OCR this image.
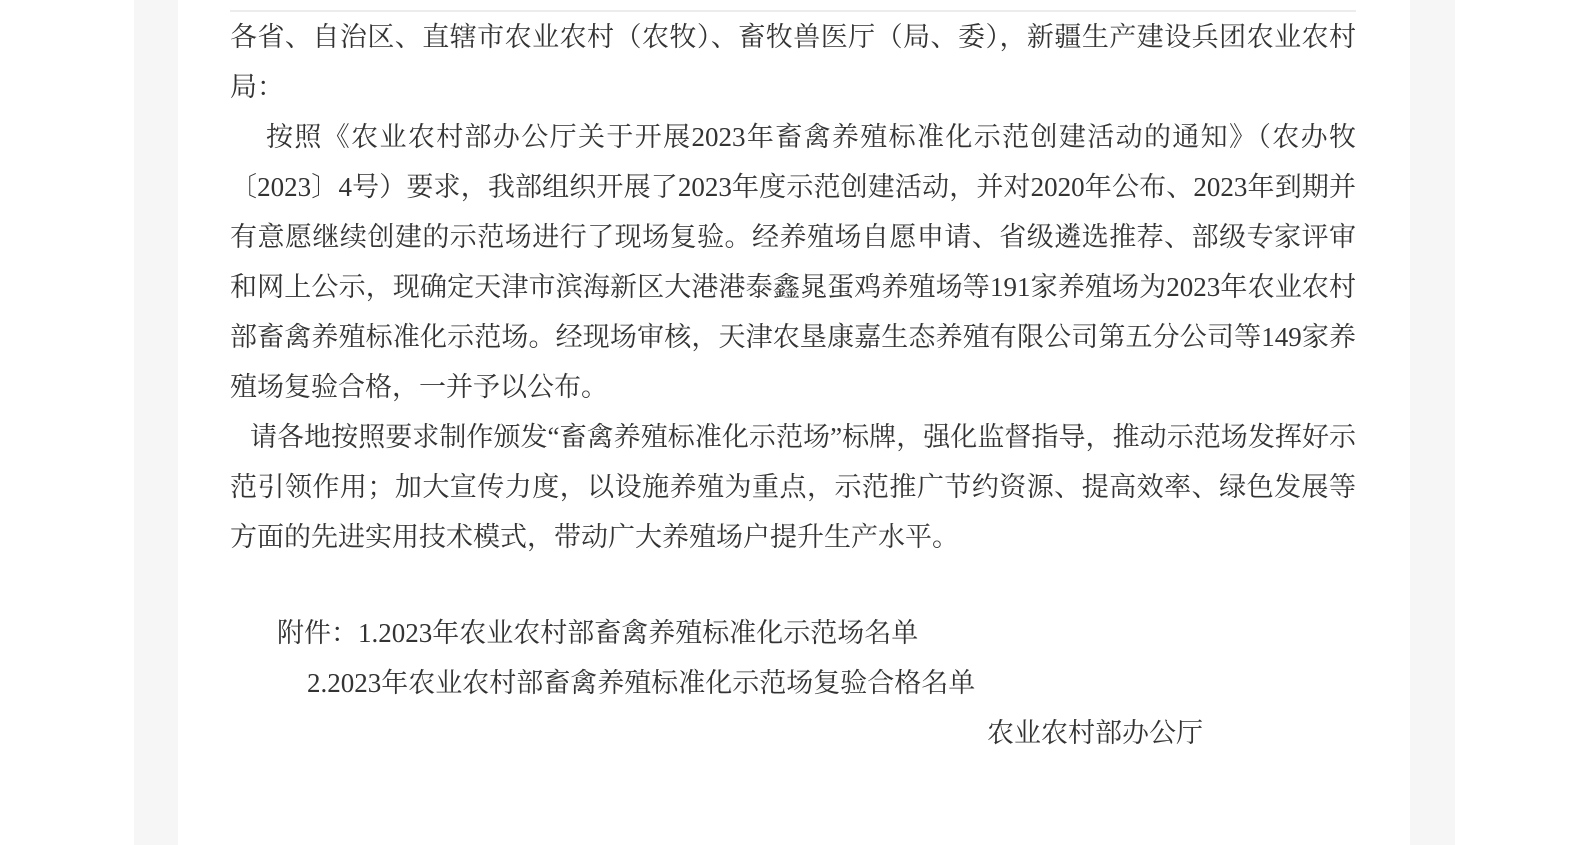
各省、自治区、直辖市农业农村（农牧）、畜牧兽医厅（局、委），新疆生产建设兵团农业农村局：

按照《农业农村部办公厅关于开展2023年畜禽养殖标准化示范创建活动的通知》（农办牧〔2023〕4号）要求，我部组织开展了2023年度示范创建活动，并对2020年公布、2023年到期并有意愿继续创建的示范场进行了现场复验。经养殖场自愿申请、省级遴选推荐、部级专家评审和网上公示，现确定天津市滨海新区大港港泰鑫晁蛋鸡养殖场等191家养殖场为2023年农业农村部畜禽养殖标准化示范场。经现场审核，天津农垦康嘉生态养殖有限公司第五分公司等149家养殖场复验合格，一并予以公布。

请各地按照要求制作颁发“畜禽养殖标准化示范场”标牌，强化监督指导，推动示范场发挥好示范引领作用；加大宣传力度，以设施养殖为重点，示范推广节约资源、提高效率、绿色发展等方面的先进实用技术模式，带动广大养殖场户提升生产水平。

附件：1.2023年农业农村部畜禽养殖标准化示范场名单

2.2023年农业农村部畜禽养殖标准化示范场复验合格名单

农业农村部办公厅
